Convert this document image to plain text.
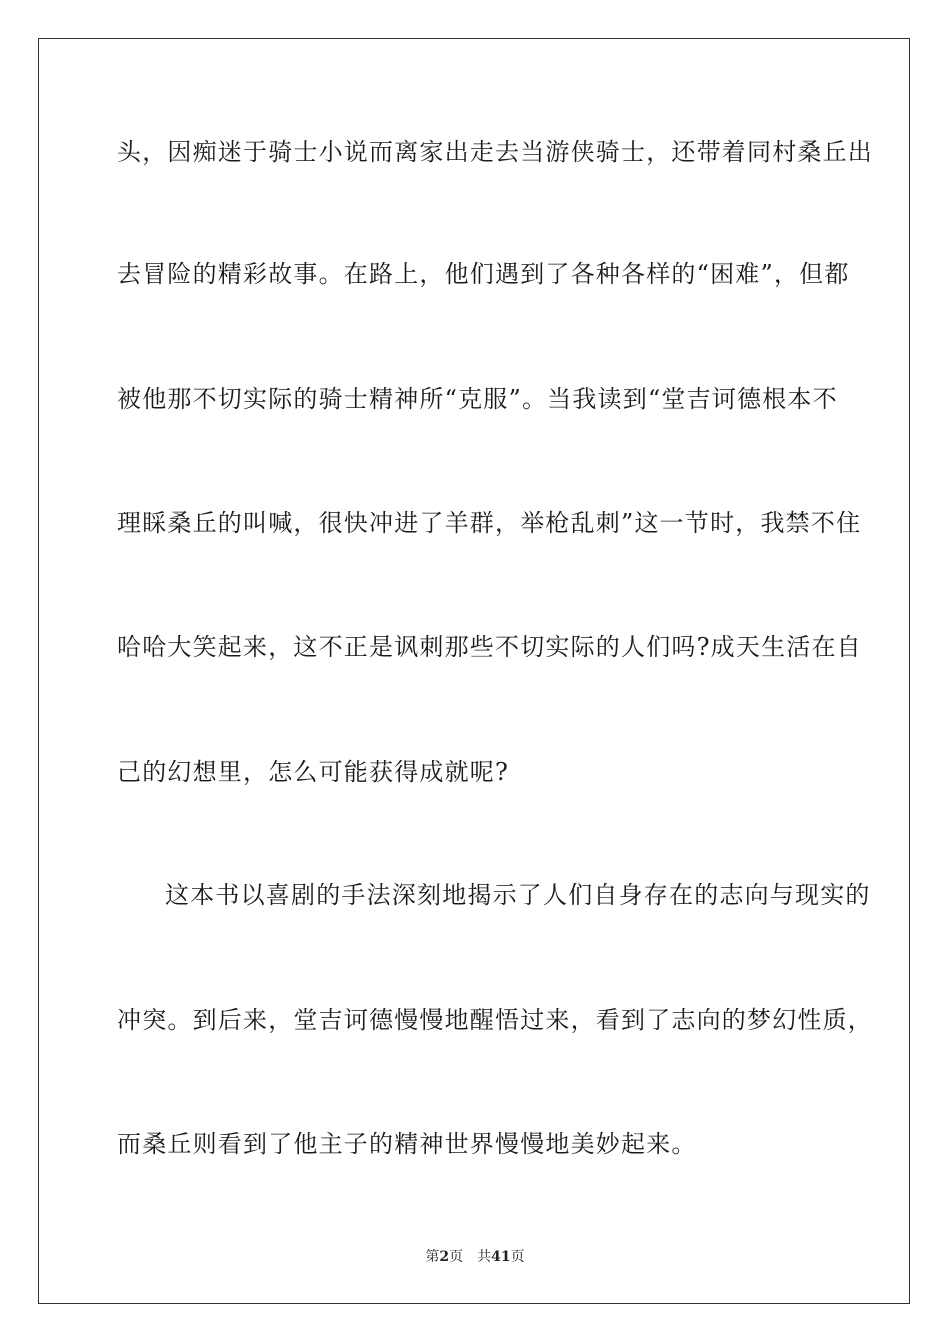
头，因痴迷于骑士小说而离家出走去当游侠骑士，还带着同村桑丘出
去冒险的精彩故事。在路上，他们遇到了各种各样的“困难”，但都
被他那不切实际的骑士精神所“克服”。当我读到“堂吉诃德根本不
理睬桑丘的叫喊，很快冲进了羊群，举枪乱刺”这一节时，我禁不住
哈哈大笑起来，这不正是讽刺那些不切实际的人们吗?成天生活在自
己的幻想里，怎么可能获得成就呢?
这本书以喜剧的手法深刻地揭示了人们自身存在的志向与现实的
冲突。到后来，堂吉诃德慢慢地醒悟过来，看到了志向的梦幻性质，
而桑丘则看到了他主子的精神世界慢慢地美妙起来。
第2页 共41页
